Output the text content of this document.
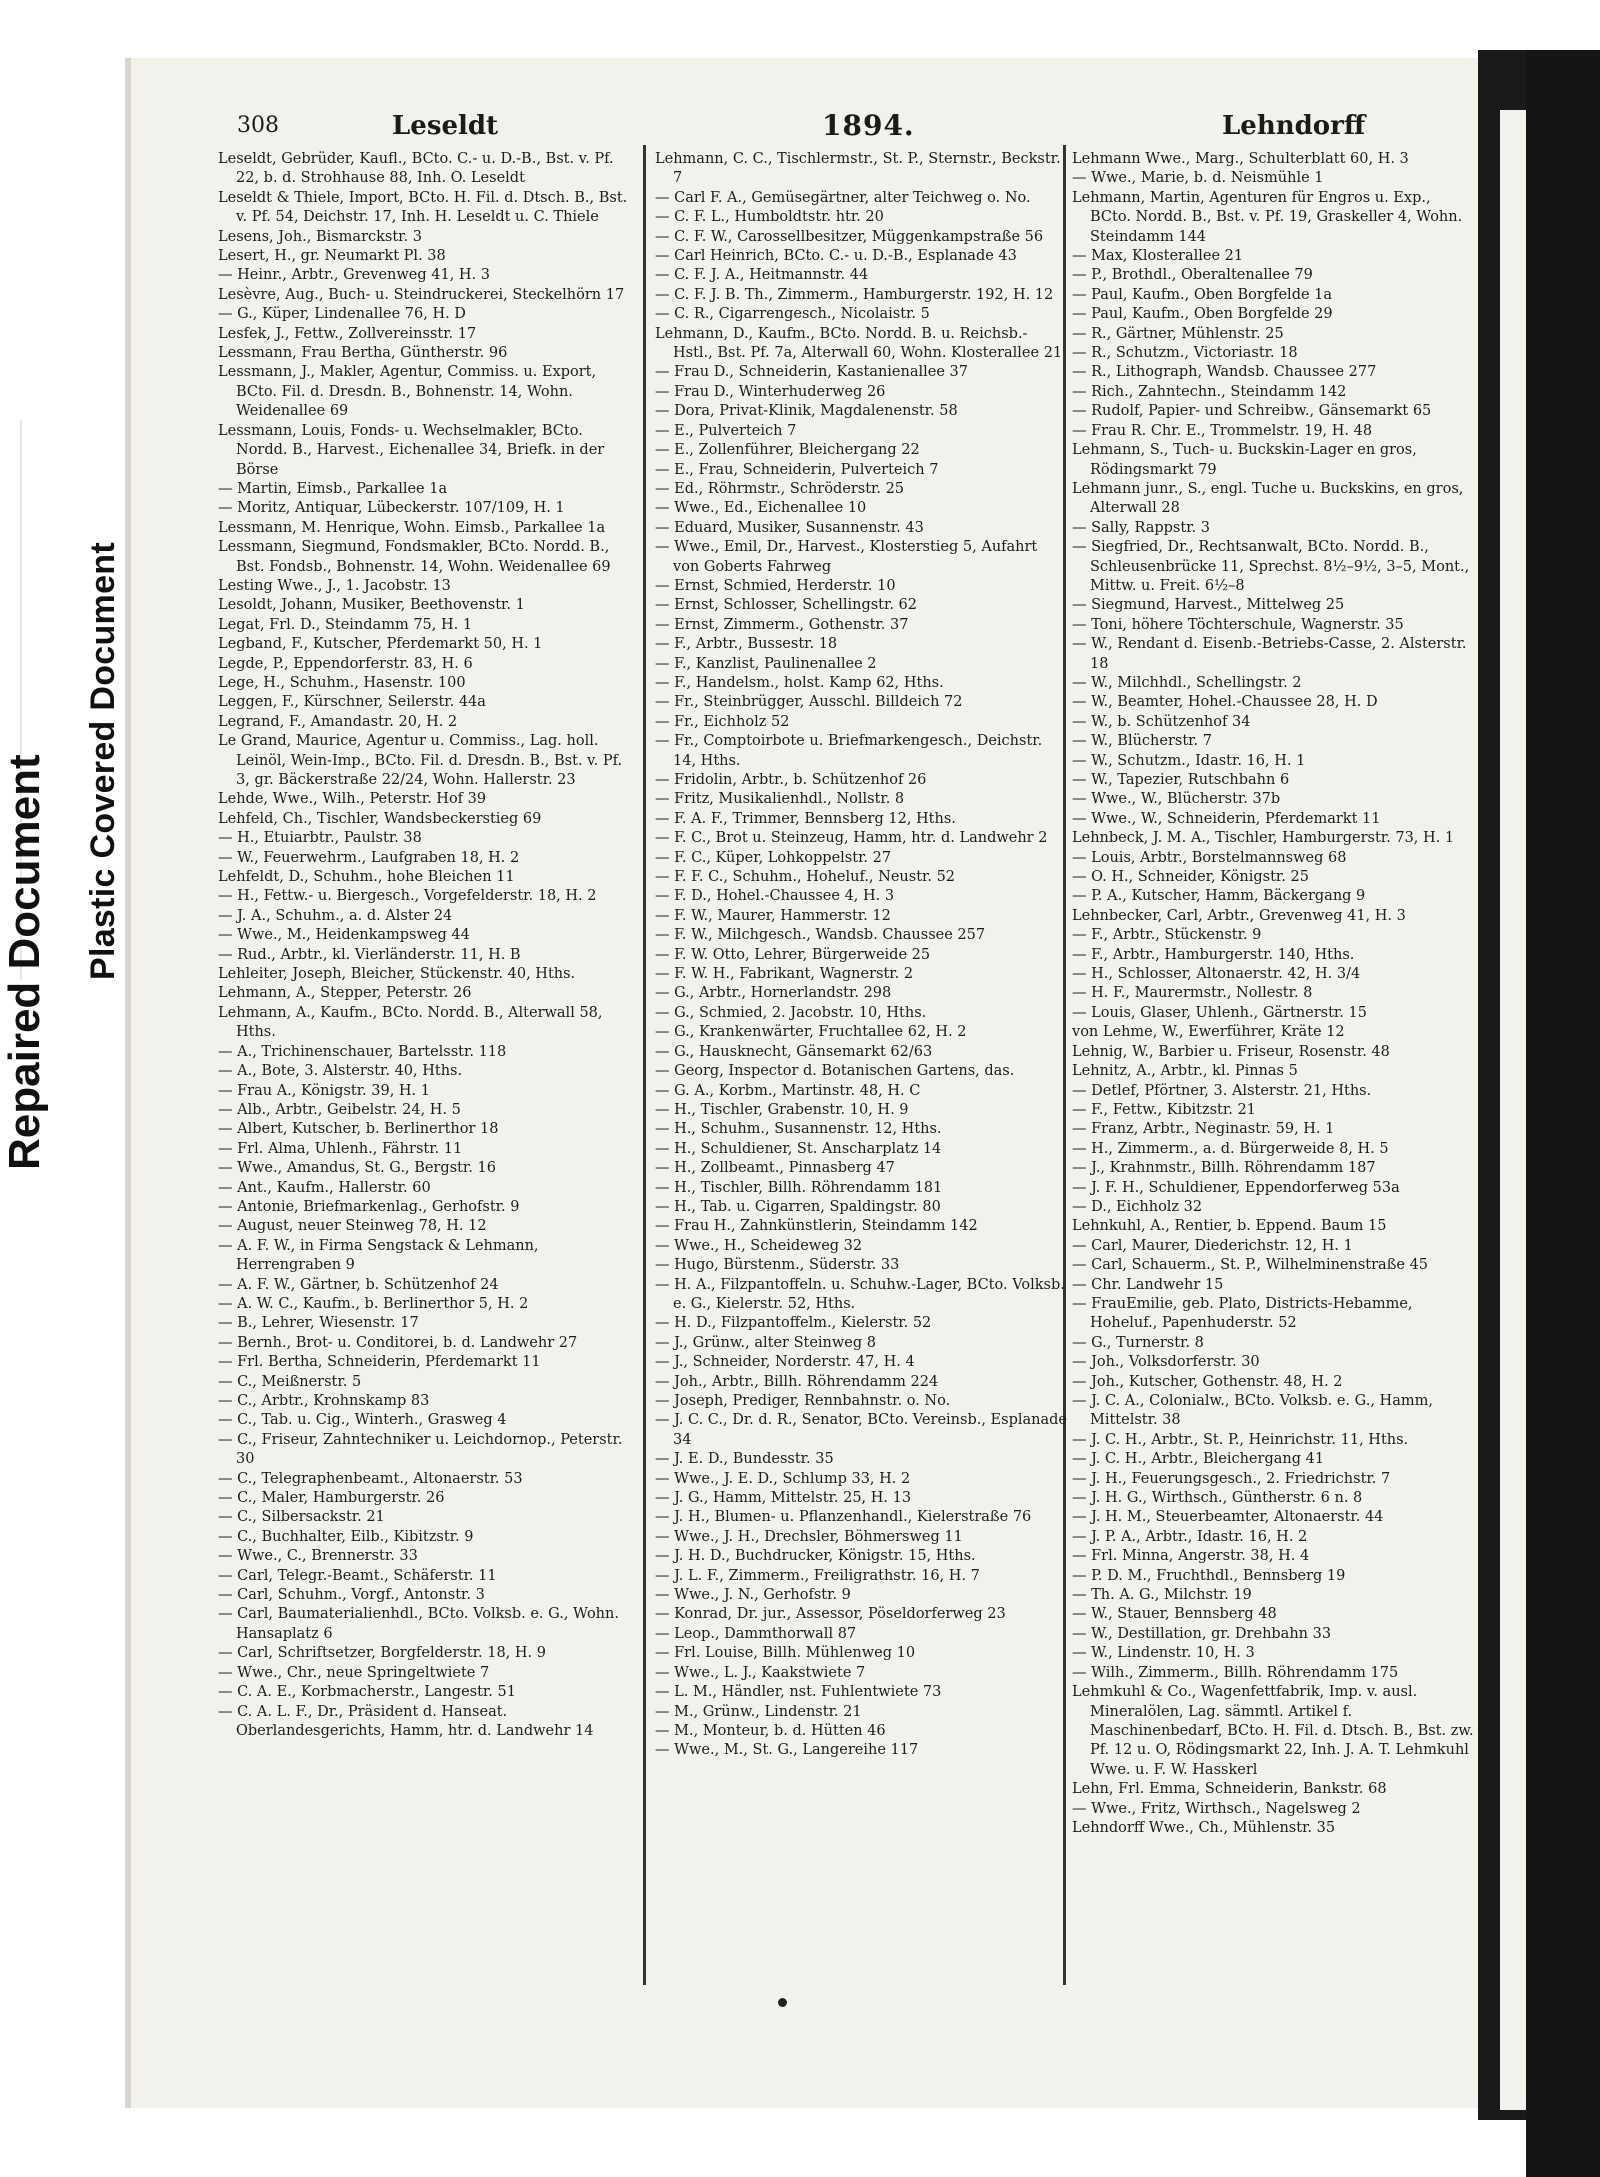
Repaired Document Plastic Covered Document
308	Leseldt	1894.	Lehndorff
Leseldt, Gebrüder, Kaufl., BCto. C.- u. D.-B., Bst. v. Pf. 22, b. d. Strohhause 88, Inh. O. Leseldt
Leseldt & Thiele, Import, BCto. H. Fil. d. Dtsch. B., Bst. v. Pf. 54, Deichstr. 17, Inh. H. Leseldt u. C. Thiele
Lesens, Joh., Bismarckstr. 3
Lesert, H., gr. Neumarkt Pl. 38
— Heinr., Arbtr., Grevenweg 41, H. 3
Lesèvre, Aug., Buch- u. Steindruckerei, Steckelhörn 17
— G., Küper, Lindenallee 76, H. D
Lesfek, J., Fettw., Zollvereinsstr. 17
Lessmann, Frau Bertha, Güntherstr. 96
Lessmann, J., Makler, Agentur, Commiss. u. Export, BCto. Fil. d. Dresdn. B., Bohnenstr. 14, Wohn. Weidenallee 69
Lessmann, Louis, Fonds- u. Wechselmakler, BCto. Nordd. B., Harvest., Eichenallee 34, Briefk. in der Börse
— Martin, Eimsb., Parkallee 1a
— Moritz, Antiquar, Lübeckerstr. 107/109, H. 1
Lessmann, M. Henrique, Wohn. Eimsb., Parkallee 1a
Lessmann, Siegmund, Fondsmakler, BCto. Nordd. B., Bst. Fondsb., Bohnenstr. 14, Wohn. Weidenallee 69
Lesting Wwe., J., 1. Jacobstr. 13
Lesoldt, Johann, Musiker, Beethovenstr. 1
Legat, Frl. D., Steindamm 75, H. 1
Legband, F., Kutscher, Pferdemarkt 50, H. 1
Legde, P., Eppendorferstr. 83, H. 6
Lege, H., Schuhm., Hasenstr. 100
Leggen, F., Kürschner, Seilerstr. 44a
Legrand, F., Amandastr. 20, H. 2
Le Grand, Maurice, Agentur u. Commiss., Lag. holl. Leinöl, Wein-Imp., BCto. Fil. d. Dresdn. B., Bst. v. Pf. 3, gr. Bäckerstraße 22/24, Wohn. Hallerstr. 23
Lehde, Wwe., Wilh., Peterstr. Hof 39
Lehfeld, Ch., Tischler, Wandsbeckerstieg 69
— H., Etuiarbtr., Paulstr. 38
— W., Feuerwehrm., Laufgraben 18, H. 2
Lehfeldt, D., Schuhm., hohe Bleichen 11
— H., Fettw.- u. Biergesch., Vorgefelderstr. 18, H. 2
— J. A., Schuhm., a. d. Alster 24
— Wwe., M., Heidenkampsweg 44
— Rud., Arbtr., kl. Vierländerstr. 11, H. B
Lehleiter, Joseph, Bleicher, Stückenstr. 40, Hths.
Lehmann, A., Stepper, Peterstr. 26
Lehmann, A., Kaufm., BCto. Nordd. B., Alterwall 58, Hths.
— A., Trichinenschauer, Bartelsstr. 118
— A., Bote, 3. Alsterstr. 40, Hths.
— Frau A., Königstr. 39, H. 1
— Alb., Arbtr., Geibelstr. 24, H. 5
— Albert, Kutscher, b. Berlinerthor 18
— Frl. Alma, Uhlenh., Fährstr. 11
— Wwe., Amandus, St. G., Bergstr. 16
— Ant., Kaufm., Hallerstr. 60
— Antonie, Briefmarkenlag., Gerhofstr. 9
— August, neuer Steinweg 78, H. 12
— A. F. W., in Firma Sengstack & Lehmann, Herrengraben 9
— A. F. W., Gärtner, b. Schützenhof 24
— A. W. C., Kaufm., b. Berlinerthor 5, H. 2
— B., Lehrer, Wiesenstr. 17
— Bernh., Brot- u. Conditorei, b. d. Landwehr 27
— Frl. Bertha, Schneiderin, Pferdemarkt 11
— C., Meißnerstr. 5
— C., Arbtr., Krohnskamp 83
— C., Tab. u. Cig., Winterh., Grasweg 4
— C., Friseur, Zahntechniker u. Leichdornop., Peterstr. 30
— C., Telegraphenbeamt., Altonaerstr. 53
— C., Maler, Hamburgerstr. 26
— C., Silbersackstr. 21
— C., Buchhalter, Eilb., Kibitzstr. 9
— Wwe., C., Brennerstr. 33
— Carl, Telegr.-Beamt., Schäferstr. 11
— Carl, Schuhm., Vorgf., Antonstr. 3
— Carl, Baumaterialienhdl., BCto. Volksb. e. G., Wohn. Hansaplatz 6
— Carl, Schriftsetzer, Borgfelderstr. 18, H. 9
— Wwe., Chr., neue Springeltwiete 7
— C. A. E., Korbmacherstr., Langestr. 51
— C. A. L. F., Dr., Präsident d. Hanseat. Oberlandesgerichts, Hamm, htr. d. Landwehr 14
Lehmann, C. C., Tischlermstr., St. P., Sternstr., Beckstr. 7
— Carl F. A., Gemüsegärtner, alter Teichweg o. No.
— C. F. L., Humboldtstr. htr. 20
— C. F. W., Carossellbesitzer, Müggenkampstraße 56
— Carl Heinrich, BCto. C.- u. D.-B., Esplanade 43
— C. F. J. A., Heitmannstr. 44
— C. F. J. B. Th., Zimmerm., Hamburgerstr. 192, H. 12
— C. R., Cigarrengesch., Nicolaistr. 5
Lehmann, D., Kaufm., BCto. Nordd. B. u. Reichsb.-Hstl., Bst. Pf. 7a, Alterwall 60, Wohn. Klosterallee 21
— Frau D., Schneiderin, Kastanienallee 37
— Frau D., Winterhuderweg 26
— Dora, Privat-Klinik, Magdalenenstr. 58
— E., Pulverteich 7
— E., Zollenführer, Bleichergang 22
— E., Frau, Schneiderin, Pulverteich 7
— Ed., Röhrmstr., Schröderstr. 25
— Wwe., Ed., Eichenallee 10
— Eduard, Musiker, Susannenstr. 43
— Wwe., Emil, Dr., Harvest., Klosterstieg 5, Aufahrt von Goberts Fahrweg
— Ernst, Schmied, Herderstr. 10
— Ernst, Schlosser, Schellingstr. 62
— Ernst, Zimmerm., Gothenstr. 37
— F., Arbtr., Bussestr. 18
— F., Kanzlist, Paulinenallee 2
— F., Handelsm., holst. Kamp 62, Hths.
— Fr., Steinbrügger, Ausschl. Billdeich 72
— Fr., Eichholz 52
— Fr., Comptoirbote u. Briefmarkengesch., Deichstr. 14, Hths.
— Fridolin, Arbtr., b. Schützenhof 26
— Fritz, Musikalienhdl., Nollstr. 8
— F. A. F., Trimmer, Bennsberg 12, Hths.
— F. C., Brot u. Steinzeug, Hamm, htr. d. Landwehr 2
— F. C., Küper, Lohkoppelstr. 27
— F. F. C., Schuhm., Hoheluf., Neustr. 52
— F. D., Hohel.-Chaussee 4, H. 3
— F. W., Maurer, Hammerstr. 12
— F. W., Milchgesch., Wandsb. Chaussee 257
— F. W. Otto, Lehrer, Bürgerweide 25
— F. W. H., Fabrikant, Wagnerstr. 2
— G., Arbtr., Hornerlandstr. 298
— G., Schmied, 2. Jacobstr. 10, Hths.
— G., Krankenwärter, Fruchtallee 62, H. 2
— G., Hausknecht, Gänsemarkt 62/63
— Georg, Inspector d. Botanischen Gartens, das.
— G. A., Korbm., Martinstr. 48, H. C
— H., Tischler, Grabenstr. 10, H. 9
— H., Schuhm., Susannenstr. 12, Hths.
— H., Schuldiener, St. Anscharplatz 14
— H., Zollbeamt., Pinnasberg 47
— H., Tischler, Billh. Röhrendamm 181
— H., Tab. u. Cigarren, Spaldingstr. 80
— Frau H., Zahnkünstlerin, Steindamm 142
— Wwe., H., Scheideweg 32
— Hugo, Bürstenm., Süderstr. 33
— H. A., Filzpantoffeln. u. Schuhw.-Lager, BCto. Volksb. e. G., Kielerstr. 52, Hths.
— H. D., Filzpantoffelm., Kielerstr. 52
— J., Grünw., alter Steinweg 8
— J., Schneider, Norderstr. 47, H. 4
— Joh., Arbtr., Billh. Röhrendamm 224
— Joseph, Prediger, Rennbahnstr. o. No.
— J. C. C., Dr. d. R., Senator, BCto. Vereinsb., Esplanade 34
— J. E. D., Bundesstr. 35
— Wwe., J. E. D., Schlump 33, H. 2
— J. G., Hamm, Mittelstr. 25, H. 13
— J. H., Blumen- u. Pflanzenhandl., Kielerstraße 76
— Wwe., J. H., Drechsler, Böhmersweg 11
— J. H. D., Buchdrucker, Königstr. 15, Hths.
— J. L. F., Zimmerm., Freiligrathstr. 16, H. 7
— Wwe., J. N., Gerhofstr. 9
— Konrad, Dr. jur., Assessor, Pöseldorferweg 23
— Leop., Dammthorwall 87
— Frl. Louise, Billh. Mühlenweg 10
— Wwe., L. J., Kaakstwiete 7
— L. M., Händler, nst. Fuhlentwiete 73
— M., Grünw., Lindenstr. 21
— M., Monteur, b. d. Hütten 46
— Wwe., M., St. G., Langereihe 117
Lehmann Wwe., Marg., Schulterblatt 60, H. 3
— Wwe., Marie, b. d. Neismühle 1
Lehmann, Martin, Agenturen für Engros u. Exp., BCto. Nordd. B., Bst. v. Pf. 19, Graskeller 4, Wohn. Steindamm 144
— Max, Klosterallee 21
— P., Brothdl., Oberaltenallee 79
— Paul, Kaufm., Oben Borgfelde 1a
— Paul, Kaufm., Oben Borgfelde 29
— R., Gärtner, Mühlenstr. 25
— R., Schutzm., Victoriastr. 18
— R., Lithograph, Wandsb. Chaussee 277
— Rich., Zahntechn., Steindamm 142
— Rudolf, Papier- und Schreibw., Gänsemarkt 65
— Frau R. Chr. E., Trommelstr. 19, H. 48
Lehmann, S., Tuch- u. Buckskin-Lager en gros, Rödingsmarkt 79
Lehmann junr., S., engl. Tuche u. Buckskins, en gros, Alterwall 28
— Sally, Rappstr. 3
— Siegfried, Dr., Rechtsanwalt, BCto. Nordd. B., Schleusenbrücke 11, Sprechst. 8½–9½, 3–5, Mont., Mittw. u. Freit. 6½–8
— Siegmund, Harvest., Mittelweg 25
— Toni, höhere Töchterschule, Wagnerstr. 35
— W., Rendant d. Eisenb.-Betriebs-Casse, 2. Alsterstr. 18
— W., Milchhdl., Schellingstr. 2
— W., Beamter, Hohel.-Chaussee 28, H. D
— W., b. Schützenhof 34
— W., Blücherstr. 7
— W., Schutzm., Idastr. 16, H. 1
— W., Tapezier, Rutschbahn 6
— Wwe., W., Blücherstr. 37b
— Wwe., W., Schneiderin, Pferdemarkt 11
Lehnbeck, J. M. A., Tischler, Hamburgerstr. 73, H. 1
— Louis, Arbtr., Borstelmannsweg 68
— O. H., Schneider, Königstr. 25
— P. A., Kutscher, Hamm, Bäckergang 9
Lehnbecker, Carl, Arbtr., Grevenweg 41, H. 3
— F., Arbtr., Stückenstr. 9
— F., Arbtr., Hamburgerstr. 140, Hths.
— H., Schlosser, Altonaerstr. 42, H. 3/4
— H. F., Maurermstr., Nollestr. 8
— Louis, Glaser, Uhlenh., Gärtnerstr. 15
von Lehme, W., Ewerführer, Kräte 12
Lehnig, W., Barbier u. Friseur, Rosenstr. 48
Lehnitz, A., Arbtr., kl. Pinnas 5
— Detlef, Pförtner, 3. Alsterstr. 21, Hths.
— F., Fettw., Kibitzstr. 21
— Franz, Arbtr., Neginastr. 59, H. 1
— H., Zimmerm., a. d. Bürgerweide 8, H. 5
— J., Krahnmstr., Billh. Röhrendamm 187
— J. F. H., Schuldiener, Eppendorferweg 53a
— D., Eichholz 32
Lehnkuhl, A., Rentier, b. Eppend. Baum 15
— Carl, Maurer, Diederichstr. 12, H. 1
— Carl, Schauerm., St. P., Wilhelminenstraße 45
— Chr. Landwehr 15
— FrauEmilie, geb. Plato, Districts-Hebamme, Hoheluf., Papenhuderstr. 52
— G., Turnerstr. 8
— Joh., Volksdorferstr. 30
— Joh., Kutscher, Gothenstr. 48, H. 2
— J. C. A., Colonialw., BCto. Volksb. e. G., Hamm, Mittelstr. 38
— J. C. H., Arbtr., St. P., Heinrichstr. 11, Hths.
— J. C. H., Arbtr., Bleichergang 41
— J. H., Feuerungsgesch., 2. Friedrichstr. 7
— J. H. G., Wirthsch., Güntherstr. 6 n. 8
— J. H. M., Steuerbeamter, Altonaerstr. 44
— J. P. A., Arbtr., Idastr. 16, H. 2
— Frl. Minna, Angerstr. 38, H. 4
— P. D. M., Fruchthdl., Bennsberg 19
— Th. A. G., Milchstr. 19
— W., Stauer, Bennsberg 48
— W., Destillation, gr. Drehbahn 33
— W., Lindenstr. 10, H. 3
— Wilh., Zimmerm., Billh. Röhrendamm 175
Lehmkuhl & Co., Wagenfettfabrik, Imp. v. ausl. Mineralölen, Lag. sämmtl. Artikel f. Maschinenbedarf, BCto. H. Fil. d. Dtsch. B., Bst. zw. Pf. 12 u. O, Rödingsmarkt 22, Inh. J. A. T. Lehmkuhl Wwe. u. F. W. Hasskerl
Lehn, Frl. Emma, Schneiderin, Bankstr. 68
— Wwe., Fritz, Wirthsch., Nagelsweg 2
Lehndorff Wwe., Ch., Mühlenstr. 35
